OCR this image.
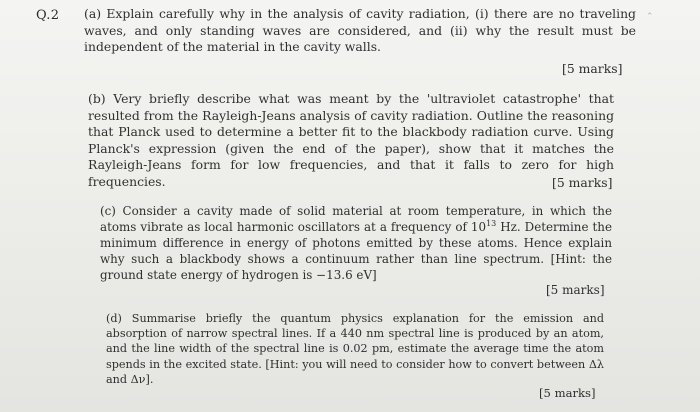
Q.2 (a) Explain carefully why in the analysis of cavity radiation, (i) there are no traveling waves, and only standing waves are considered, and (ii) why the result must be independent of the material in the cavity walls.
[5 marks]
(b) Very briefly describe what was meant by the 'ultraviolet catastrophe' that resulted from the Rayleigh-Jeans analysis of cavity radiation. Outline the reasoning that Planck used to determine a better fit to the blackbody radiation curve. Using Planck's expression (given the end of the paper), show that it matches the Rayleigh-Jeans form for low frequencies, and that it falls to zero for high frequencies.	[5 marks]
(c) Consider a cavity made of solid material at room temperature, in which the atoms vibrate as local harmonic oscillators at a frequency of $10^{13}$ Hz. Determine the minimum difference in energy of photons emitted by these atoms. Hence explain why such a blackbody shows a continuum rather than line spectrum. [Hint: the ground state energy of hydrogen is −13.6 eV]
[5 marks]
(d) Summarise briefly the quantum physics explanation for the emission and absorption of narrow spectral lines. If a 440 nm spectral line is produced by an atom, and the line width of the spectral line is 0.02 pm, estimate the average time the atom spends in the excited state. [Hint: you will need to consider how to convert between Δλ and Δν].
[5 marks]
⌃
